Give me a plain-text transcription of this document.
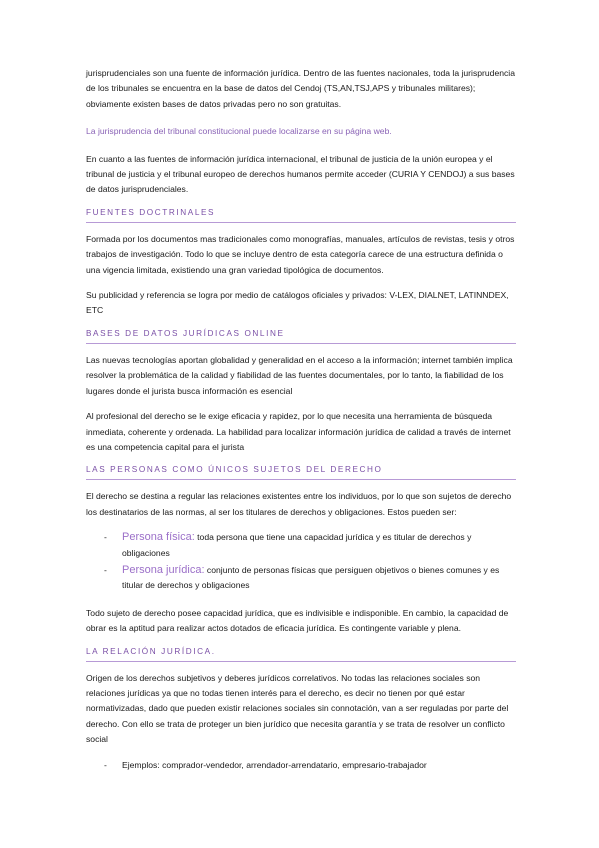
jurisprudenciales son una fuente de información jurídica. Dentro de las fuentes nacionales, toda la jurisprudencia de los tribunales se encuentra en la base de datos del Cendoj (TS,AN,TSJ,APS y tribunales militares); obviamente existen bases de datos privadas pero no son gratuitas.

La jurisprudencia del tribunal constitucional puede localizarse en su página web.

En cuanto a las fuentes de información jurídica internacional, el tribunal de justicia de la unión europea y el tribunal de justicia y el tribunal europeo de derechos humanos permite acceder (CURIA Y CENDOJ) a sus bases de datos jurisprudenciales.

FUENTES DOCTRINALES

Formada por los documentos mas tradicionales como monografías, manuales, artículos de revistas, tesis y otros trabajos de investigación. Todo lo que se incluye dentro de esta categoría carece de una estructura definida o una vigencia limitada, existiendo una gran variedad tipológica de documentos.

Su publicidad y referencia se logra por medio de catálogos oficiales y privados: V-LEX, DIALNET, LATINNDEX, ETC

BASES DE DATOS JURÍDICAS ONLINE

Las nuevas tecnologías aportan globalidad y generalidad en el acceso a la información; internet también implica resolver la problemática de la calidad y fiabilidad de las fuentes documentales, por lo tanto, la fiabilidad de los lugares donde el jurista busca información es esencial

Al profesional del derecho se le exige eficacia y rapidez, por lo que necesita una herramienta de búsqueda inmediata, coherente y ordenada. La habilidad para localizar información jurídica de calidad a través de internet es una competencia capital para el jurista

LAS PERSONAS COMO ÚNICOS SUJETOS DEL DERECHO

El derecho se destina a regular las relaciones existentes entre los individuos, por lo que son sujetos de derecho los destinatarios de las normas, al ser los titulares de derechos y obligaciones. Estos pueden ser:

- Persona física: toda persona que tiene una capacidad jurídica y es titular de derechos y obligaciones
- Persona jurídica: conjunto de personas físicas que persiguen objetivos o bienes comunes y es titular de derechos y obligaciones

Todo sujeto de derecho posee capacidad jurídica, que es indivisible e indisponible. En cambio, la capacidad de obrar es la aptitud para realizar actos dotados de eficacia jurídica. Es contingente variable y plena.

LA RELACIÓN JURÍDICA.

Origen de los derechos subjetivos y deberes jurídicos correlativos. No todas las relaciones sociales son relaciones jurídicas ya que no todas tienen interés para el derecho, es decir no tienen por qué estar normativizadas, dado que pueden existir relaciones sociales sin connotación, van a ser reguladas por parte del derecho. Con ello se trata de proteger un bien jurídico que necesita garantía y se trata de resolver un conflicto social

- Ejemplos: comprador-vendedor, arrendador-arrendatario, empresario-trabajador
